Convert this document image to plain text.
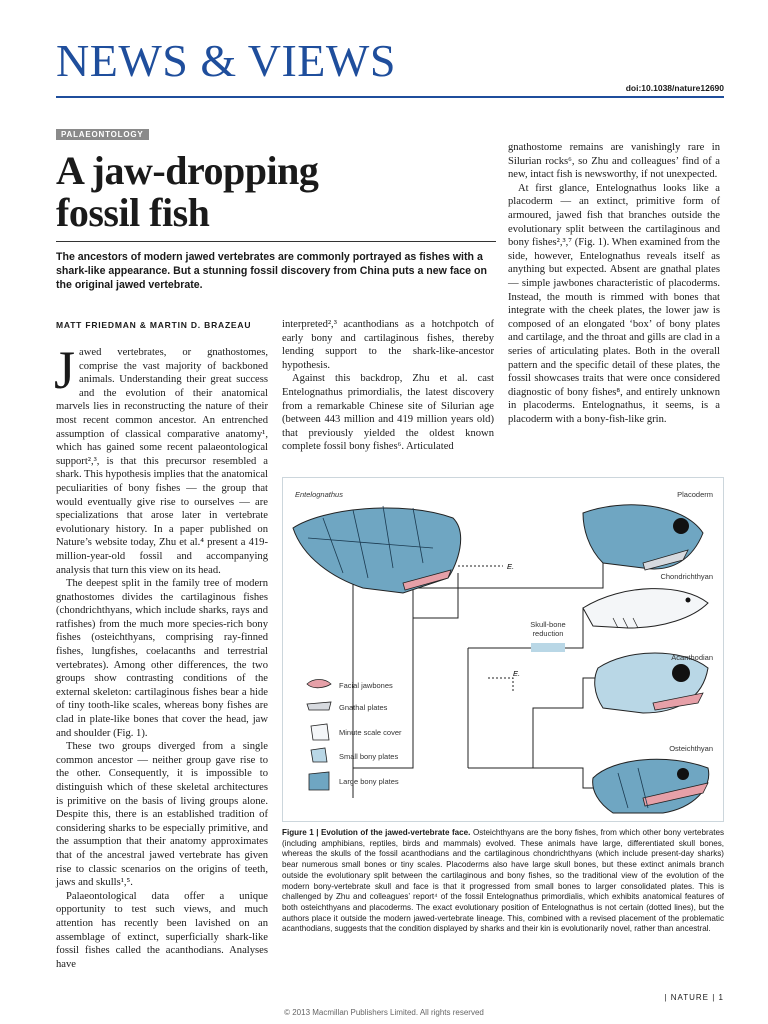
NEWS & VIEWS
doi:10.1038/nature12690
PALAEONTOLOGY
A jaw-dropping
fossil fish
The ancestors of modern jawed vertebrates are commonly portrayed as fishes with a shark-like appearance. But a stunning fossil discovery from China puts a new face on the original jawed vertebrate.
MATT FRIEDMAN & MARTIN D. BRAZEAU

Jawed vertebrates, or gnathostomes, comprise the vast majority of backboned animals. Understanding their great success and the evolution of their anatomical marvels lies in reconstructing the nature of their most recent common ancestor. An entrenched assumption of classical comparative anatomy¹, which has gained some recent palaeontological support²,³, is that this precursor resembled a shark. This hypothesis implies that the anatomical peculiarities of bony fishes — the group that would eventually give rise to ourselves — are specializations that arose later in vertebrate evolutionary history. In a paper published on Nature’s website today, Zhu et al.⁴ present a 419-million-year-old fossil and accompanying analysis that turn this view on its head.

The deepest split in the family tree of modern gnathostomes divides the cartilaginous fishes (chondrichthyans, which include sharks, rays and ratfishes) from the much more species-rich bony fishes (osteichthyans, comprising ray-finned fishes, lungfishes, coelacanths and terrestrial vertebrates). Among other differences, the two groups show contrasting conditions of the external skeleton: cartilaginous fishes bear a hide of tiny tooth-like scales, whereas bony fishes are clad in plate-like bones that cover the head, jaw and shoulder (Fig. 1).

These two groups diverged from a single common ancestor — neither group gave rise to the other. Consequently, it is impossible to distinguish which of these skeletal architectures is primitive on the basis of living groups alone. Despite this, there is an established tradition of considering sharks to be especially primitive, and the assumption that their anatomy approximates that of the ancestral jawed vertebrate has given rise to classic scenarios on the origins of teeth, jaws and skulls¹,⁵.

Palaeontological data offer a unique opportunity to test such views, and much attention has recently been lavished on an assemblage of extinct, superficially shark-like fossil fishes called the acanthodians. Analyses have

interpreted²,³ acanthodians as a hotchpotch of early bony and cartilaginous fishes, thereby lending support to the shark-like-ancestor hypothesis.

Against this backdrop, Zhu et al. cast Entelognathus primordialis, the latest discovery from a remarkable Chinese site of Silurian age (between 443 million and 419 million years old) that previously yielded the oldest known complete fossil bony fishes⁶. Articulated

gnathostome remains are vanishingly rare in Silurian rocks⁶, so Zhu and colleagues’ find of a new, intact fish is newsworthy, if not unexpected.

At first glance, Entelognathus looks like a placoderm — an extinct, primitive form of armoured, jawed fish that branches outside the evolutionary split between the cartilaginous and bony fishes²,³,⁷ (Fig. 1). When examined from the side, however, Entelognathus reveals itself as anything but expected. Absent are gnathal plates — simple jawbones characteristic of placoderms. Instead, the mouth is rimmed with bones that integrate with the cheek plates, the lower jaw is composed of an elongated ‘box’ of bony plates and cartilage, and the throat and gills are clad in a series of articulating plates. Both in the overall pattern and the specific detail of these plates, the fossil showcases traits that were once considered diagnostic of bony fishes⁸, and entirely unknown in placoderms. Entelognathus, it seems, is a placoderm with a bony-fish-like grin.

E.
E.
Entelognathus	Placoderm
Chondrichthyan
Acanthodian
Osteichthyan
Skull-bone reduction
Facial jawbones
Gnathal plates
Minute scale cover
Small bony plates
Large bony plates
Figure 1 | Evolution of the jawed-vertebrate face. Osteichthyans are the bony fishes, from which other bony vertebrates (including amphibians, reptiles, birds and mammals) evolved. These animals have large, differentiated skull bones, whereas the skulls of the fossil acanthodians and the cartilaginous chondrichthyans (which include present-day sharks) bear numerous small bones or tiny scales. Placoderms also have large skull bones, but these extinct animals branch outside the evolutionary split between the cartilaginous and bony fishes, so the traditional view of the evolution of the modern bony-vertebrate skull and face is that it progressed from small bones to larger consolidated plates. This is challenged by Zhu and colleagues’ report⁴ of the fossil Entelognathus primordialis, which exhibits anatomical features of both osteichthyans and placoderms. The exact evolutionary position of Entelognathus is not certain (dotted lines), but the authors place it outside the modern jawed-vertebrate lineage. This, combined with a revised placement of the problematic acanthodians, suggests that the condition displayed by sharks and their kin is evolutionarily novel, rather than ancestral.
| NATURE | 1
© 2013 Macmillan Publishers Limited. All rights reserved
